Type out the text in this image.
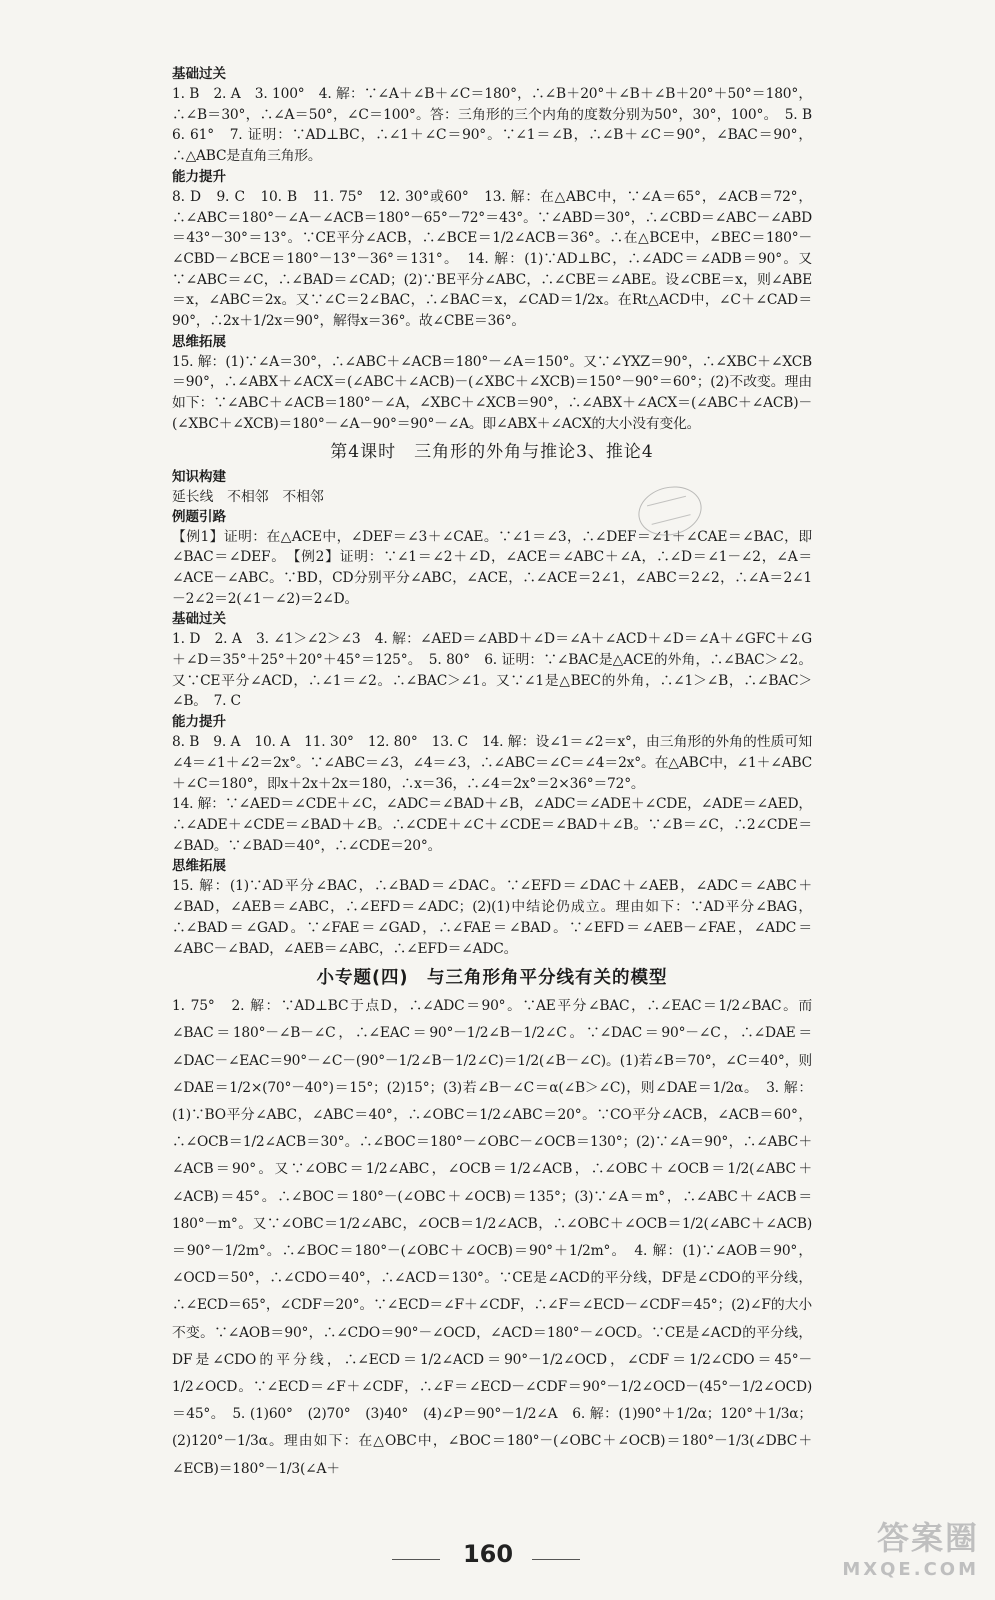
基础过关
1. B　2. A　3. 100°　4. 解：∵∠A＋∠B＋∠C＝180°，∴∠B＋20°＋∠B＋∠B＋20°＋50°＝180°，∴∠B＝30°，∴∠A＝50°，∠C＝100°。答：三角形的三个内角的度数分别为50°，30°，100°。　5. B　6. 61°　7. 证明：∵AD⊥BC，∴∠1＋∠C＝90°。∵∠1＝∠B，∴∠B＋∠C＝90°，∠BAC＝90°，∴△ABC是直角三角形。
能力提升
8. D　9. C　10. B　11. 75°　12. 30°或60°　13. 解：在△ABC中，∵∠A＝65°，∠ACB＝72°，∴∠ABC＝180°－∠A－∠ACB＝180°－65°－72°＝43°。∵∠ABD＝30°，∴∠CBD＝∠ABC－∠ABD＝43°－30°＝13°。∵CE平分∠ACB，∴∠BCE＝1/2∠ACB＝36°。∴在△BCE中，∠BEC＝180°－∠CBD－∠BCE＝180°－13°－36°＝131°。　14. 解：(1)∵AD⊥BC，∴∠ADC＝∠ADB＝90°。又∵∠ABC＝∠C，∴∠BAD＝∠CAD；(2)∵BE平分∠ABC，∴∠CBE＝∠ABE。设∠CBE＝x，则∠ABE＝x，∠ABC＝2x。又∵∠C＝2∠BAC，∴∠BAC＝x，∠CAD＝1/2x。在Rt△ACD中，∠C＋∠CAD＝90°，∴2x＋1/2x＝90°，解得x＝36°。故∠CBE＝36°。
思维拓展
15. 解：(1)∵∠A＝30°，∴∠ABC＋∠ACB＝180°－∠A＝150°。又∵∠YXZ＝90°，∴∠XBC＋∠XCB＝90°，∴∠ABX＋∠ACX＝(∠ABC＋∠ACB)－(∠XBC＋∠XCB)＝150°－90°＝60°；(2)不改变。理由如下：∵∠ABC＋∠ACB＝180°－∠A，∠XBC＋∠XCB＝90°，∴∠ABX＋∠ACX＝(∠ABC＋∠ACB)－(∠XBC＋∠XCB)＝180°－∠A－90°＝90°－∠A。即∠ABX＋∠ACX的大小没有变化。
第4课时　三角形的外角与推论3、推论4
知识构建
延长线　不相邻　不相邻
例题引路
【例1】证明：在△ACE中，∠DEF＝∠3＋∠CAE。∵∠1＝∠3，∴∠DEF＝∠1＋∠CAE＝∠BAC，即∠BAC＝∠DEF。　【例2】证明：∵∠1＝∠2＋∠D，∠ACE＝∠ABC＋∠A，∴∠D＝∠1－∠2，∠A＝∠ACE－∠ABC。∵BD，CD分别平分∠ABC，∠ACE，∴∠ACE＝2∠1，∠ABC＝2∠2，∴∠A＝2∠1－2∠2＝2(∠1－∠2)＝2∠D。
基础过关
1. D　2. A　3. ∠1＞∠2＞∠3　4. 解：∠AED＝∠ABD＋∠D＝∠A＋∠ACD＋∠D＝∠A＋∠GFC＋∠G＋∠D＝35°＋25°＋20°＋45°＝125°。　5. 80°　6. 证明：∵∠BAC是△ACE的外角，∴∠BAC＞∠2。又∵CE平分∠ACD，∴∠1＝∠2。∴∠BAC＞∠1。又∵∠1是△BEC的外角，∴∠1＞∠B，∴∠BAC＞∠B。　7. C
能力提升
8. B　9. A　10. A　11. 30°　12. 80°　13. C　14. 解：设∠1＝∠2＝x°，由三角形的外角的性质可知∠4＝∠1＋∠2＝2x°。∵∠ABC＝∠3，∠4＝∠3，∴∠ABC＝∠C＝∠4＝2x°。在△ABC中，∠1＋∠ABC＋∠C＝180°，即x＋2x＋2x＝180，∴x＝36，∴∠4＝2x°＝2×36°＝72°。
14. 解：∵∠AED＝∠CDE＋∠C，∠ADC＝∠BAD＋∠B，∠ADC＝∠ADE＋∠CDE，∠ADE＝∠AED，∴∠ADE＋∠CDE＝∠BAD＋∠B。∴∠CDE＋∠C＋∠CDE＝∠BAD＋∠B。∵∠B＝∠C，∴2∠CDE＝∠BAD。∵∠BAD＝40°，∴∠CDE＝20°。
思维拓展
15. 解：(1)∵AD平分∠BAC，∴∠BAD＝∠DAC。∵∠EFD＝∠DAC＋∠AEB，∠ADC＝∠ABC＋∠BAD，∠AEB＝∠ABC，∴∠EFD＝∠ADC；(2)(1)中结论仍成立。理由如下：∵AD平分∠BAG，∴∠BAD＝∠GAD。∵∠FAE＝∠GAD，∴∠FAE＝∠BAD。∵∠EFD＝∠AEB－∠FAE，∠ADC＝∠ABC－∠BAD，∠AEB＝∠ABC，∴∠EFD＝∠ADC。
小专题(四)　与三角形角平分线有关的模型
1. 75°　2. 解：∵AD⊥BC于点D，∴∠ADC＝90°。∵AE平分∠BAC，∴∠EAC＝1/2∠BAC。而∠BAC＝180°－∠B－∠C，∴∠EAC＝90°－1/2∠B－1/2∠C。∵∠DAC＝90°－∠C，∴∠DAE＝∠DAC－∠EAC＝90°－∠C－(90°－1/2∠B－1/2∠C)＝1/2(∠B－∠C)。(1)若∠B＝70°，∠C＝40°，则∠DAE＝1/2×(70°－40°)＝15°；(2)15°；(3)若∠B－∠C＝α(∠B＞∠C)，则∠DAE＝1/2α。　3. 解：(1)∵BO平分∠ABC，∠ABC＝40°，∴∠OBC＝1/2∠ABC＝20°。∵CO平分∠ACB，∠ACB＝60°，∴∠OCB＝1/2∠ACB＝30°。∴∠BOC＝180°－∠OBC－∠OCB＝130°；(2)∵∠A＝90°，∴∠ABC＋∠ACB＝90°。又∵∠OBC＝1/2∠ABC，∠OCB＝1/2∠ACB，∴∠OBC＋∠OCB＝1/2(∠ABC＋∠ACB)＝45°。∴∠BOC＝180°－(∠OBC＋∠OCB)＝135°；(3)∵∠A＝m°，∴∠ABC＋∠ACB＝180°－m°。又∵∠OBC＝1/2∠ABC，∠OCB＝1/2∠ACB，∴∠OBC＋∠OCB＝1/2(∠ABC＋∠ACB)＝90°－1/2m°。∴∠BOC＝180°－(∠OBC＋∠OCB)＝90°＋1/2m°。　4. 解：(1)∵∠AOB＝90°，∠OCD＝50°，∴∠CDO＝40°，∴∠ACD＝130°。∵CE是∠ACD的平分线，DF是∠CDO的平分线，∴∠ECD＝65°，∠CDF＝20°。∵∠ECD＝∠F＋∠CDF，∴∠F＝∠ECD－∠CDF＝45°；(2)∠F的大小不变。∵∠AOB＝90°，∴∠CDO＝90°－∠OCD，∠ACD＝180°－∠OCD。∵CE是∠ACD的平分线，DF是∠CDO的平分线，∴∠ECD＝1/2∠ACD＝90°－1/2∠OCD，∠CDF＝1/2∠CDO＝45°－1/2∠OCD。∵∠ECD＝∠F＋∠CDF，∴∠F＝∠ECD－∠CDF＝90°－1/2∠OCD－(45°－1/2∠OCD)＝45°。　5. (1)60°　(2)70°　(3)40°　(4)∠P＝90°－1/2∠A　6. 解：(1)90°＋1/2α；120°＋1/3α；(2)120°－1/3α。理由如下：在△OBC中，∠BOC＝180°－(∠OBC＋∠OCB)＝180°－1/3(∠DBC＋∠ECB)＝180°－1/3(∠A＋
160	答案圈
MXQE.COM
